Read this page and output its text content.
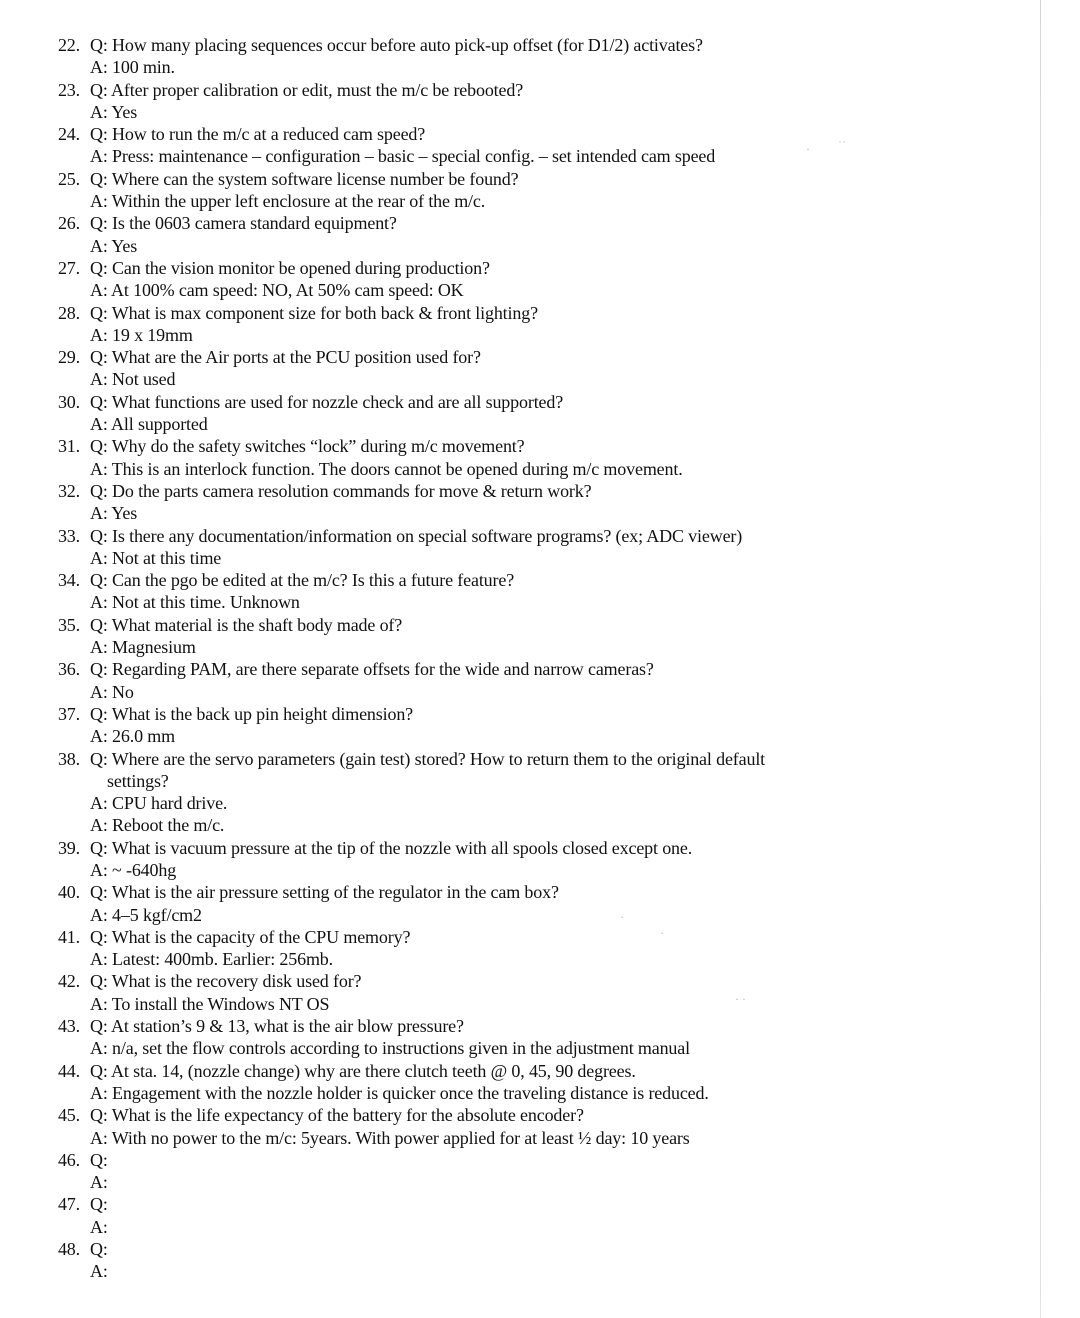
· ˙˙
·
·
· ·
22. Q: How many placing sequences occur before auto pick-up offset (for D1/2) activates?
A: 100 min.
23. Q: After proper calibration or edit, must the m/c be rebooted?
A: Yes
24. Q: How to run the m/c at a reduced cam speed?
A: Press: maintenance – configuration – basic – special config. – set intended cam speed
25. Q: Where can the system software license number be found?
A: Within the upper left enclosure at the rear of the m/c.
26. Q: Is the 0603 camera standard equipment?
A: Yes
27. Q: Can the vision monitor be opened during production?
A: At 100% cam speed: NO, At 50% cam speed: OK
28. Q: What is max component size for both back & front lighting?
A: 19 x 19mm
29. Q: What are the Air ports at the PCU position used for?
A: Not used
30. Q: What functions are used for nozzle check and are all supported?
A: All supported
31. Q: Why do the safety switches “lock” during m/c movement?
A: This is an interlock function. The doors cannot be opened during m/c movement.
32. Q: Do the parts camera resolution commands for move & return work?
A: Yes
33. Q: Is there any documentation/information on special software programs? (ex; ADC viewer)
A: Not at this time
34. Q: Can the pgo be edited at the m/c? Is this a future feature?
A: Not at this time. Unknown
35. Q: What material is the shaft body made of?
A: Magnesium
36. Q: Regarding PAM, are there separate offsets for the wide and narrow cameras?
A: No
37. Q: What is the back up pin height dimension?
A: 26.0 mm
38. Q: Where are the servo parameters (gain test) stored? How to return them to the original default
settings?
A: CPU hard drive.
A: Reboot the m/c.
39. Q: What is vacuum pressure at the tip of the nozzle with all spools closed except one.
A: ~ -640hg
40. Q: What is the air pressure setting of the regulator in the cam box?
A: 4–5 kgf/cm2
41. Q: What is the capacity of the CPU memory?
A: Latest: 400mb. Earlier: 256mb.
42. Q: What is the recovery disk used for?
A: To install the Windows NT OS
43. Q: At station’s 9 & 13, what is the air blow pressure?
A: n/a, set the flow controls according to instructions given in the adjustment manual
44. Q: At sta. 14, (nozzle change) why are there clutch teeth @ 0, 45, 90 degrees.
A: Engagement with the nozzle holder is quicker once the traveling distance is reduced.
45. Q: What is the life expectancy of the battery for the absolute encoder?
A: With no power to the m/c: 5years. With power applied for at least ½ day: 10 years
46. Q:
A:
47. Q:
A:
48. Q:
A:
